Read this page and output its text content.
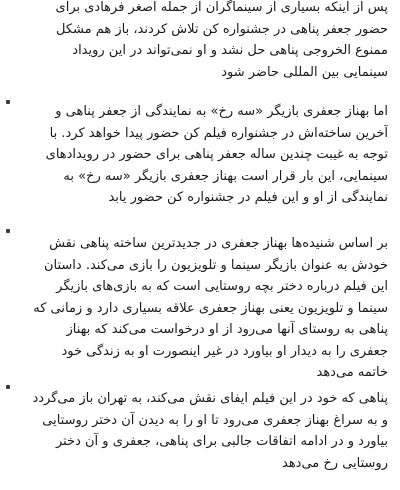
پس از اینکه بسیاری از سینماگران از جمله اصغر فرهادی برای
حضور جعفر پناهی در جشنواره کن تلاش کردند، باز هم مشکل
ممنوع الخروجی پناهی حل نشد و او نمی‌تواند در این رویداد
سینمایی بین المللی حاضر شود

اما بهناز جعفری بازیگر «سه رخ» به نمایندگی از جعفر پناهی و
آخرین ساخته‌اش در جشنواره فیلم کن حضور پیدا خواهد کرد. با
توجه به غیبت چندین ساله جعفر پناهی برای حضور در رویدادهای
سینمایی، این بار قرار است بهناز جعفری بازیگر «سه رخ» به
نمایندگی از او و این فیلم در جشنواره کن حضور یابد

بر اساس شنیده‌ها بهناز جعفری در جدیدترین ساخته پناهی نقش
خودش به عنوان بازیگر سینما و تلویزیون را بازی می‌کند. داستان
این فیلم درباره دختر بچه روستایی است که به بازی‌های بازیگر
سینما و تلویزیون یعنی بهناز جعفری علاقه بسیاری دارد و زمانی که
پناهی به روستای آنها می‌رود از او درخواست می‌کند که بهناز
جعفری را به دیدار او بیاورد در غیر اینصورت او به زندگی خود
خاتمه می‌دهد

پناهی که خود در این فیلم ایفای نقش می‌کند، به تهران باز می‌گردد
و به سراغ بهناز جعفری می‌رود تا او را به دیدن آن دختر روستایی
بیاورد و در ادامه اتفاقات جالبی برای پناهی، جعفری و آن دختر
روستایی رخ می‌دهد
